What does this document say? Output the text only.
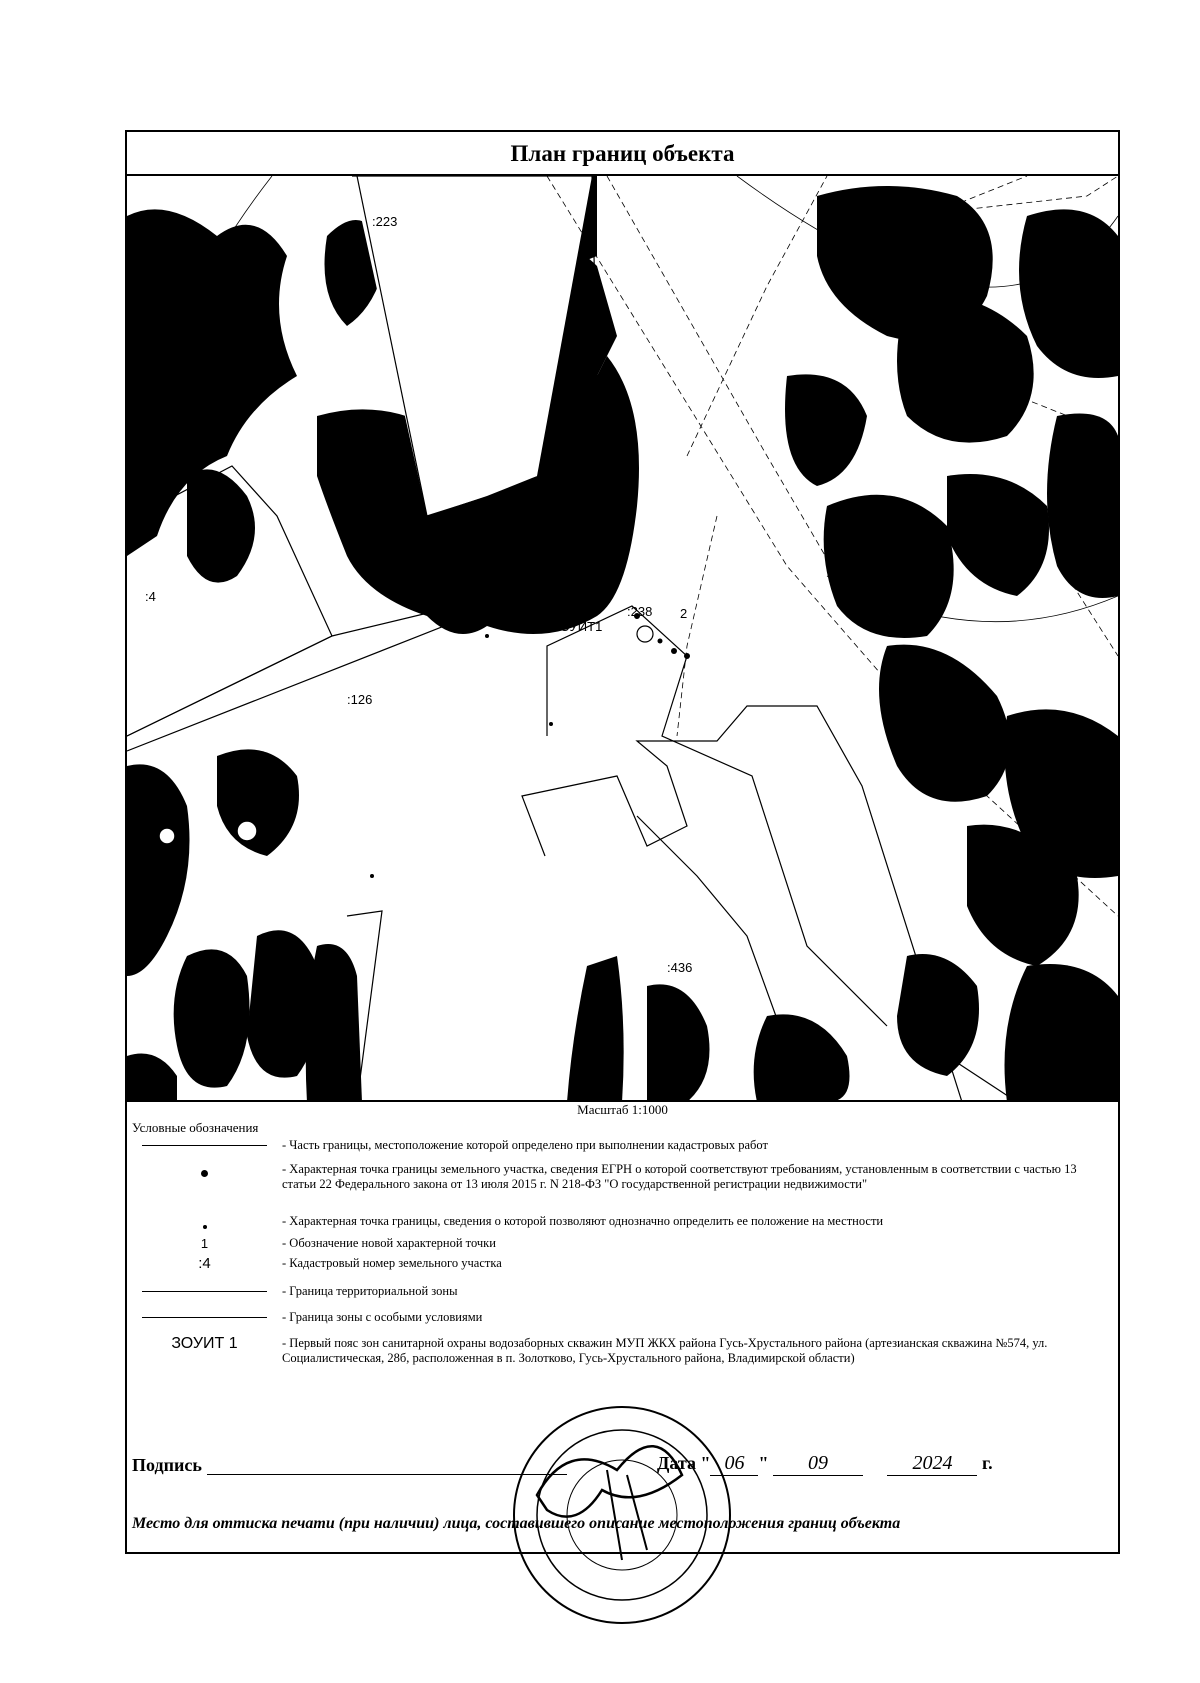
План границ объекта
:223
:4
:126
:17
:14	:436
:238 2
ЗОУИТ1
Масштаб 1:1000
Условные обозначения
- Часть границы, местоположение которой определено при выполнении кадастровых работ
- Характерная точка границы земельного участка, сведения ЕГРН о которой соответствуют требованиям, установленным в соответствии с частью 13 статьи 22 Федерального закона от 13 июля 2015 г. N 218-ФЗ "О государственной регистрации недвижимости"
- Характерная точка границы, сведения о которой позволяют однозначно определить ее положение на местности
1	- Обозначение новой характерной точки
:4	- Кадастровый номер земельного участка
- Граница территориальной зоны
- Граница зоны с особыми условиями
ЗОУИТ 1	- Первый пояс зон санитарной охраны водозаборных скважин МУП ЖКХ района Гусь-Хрустального района (артезианская скважина №574, ул. Социалистическая, 28б, расположенная в п. Золотково, Гусь-Хрустального района, Владимирской области)
Подпись	Дата " 06 " 09	2024 г.
Место для оттиска печати (при наличии) лица, составившего описание местоположения границ объекта
